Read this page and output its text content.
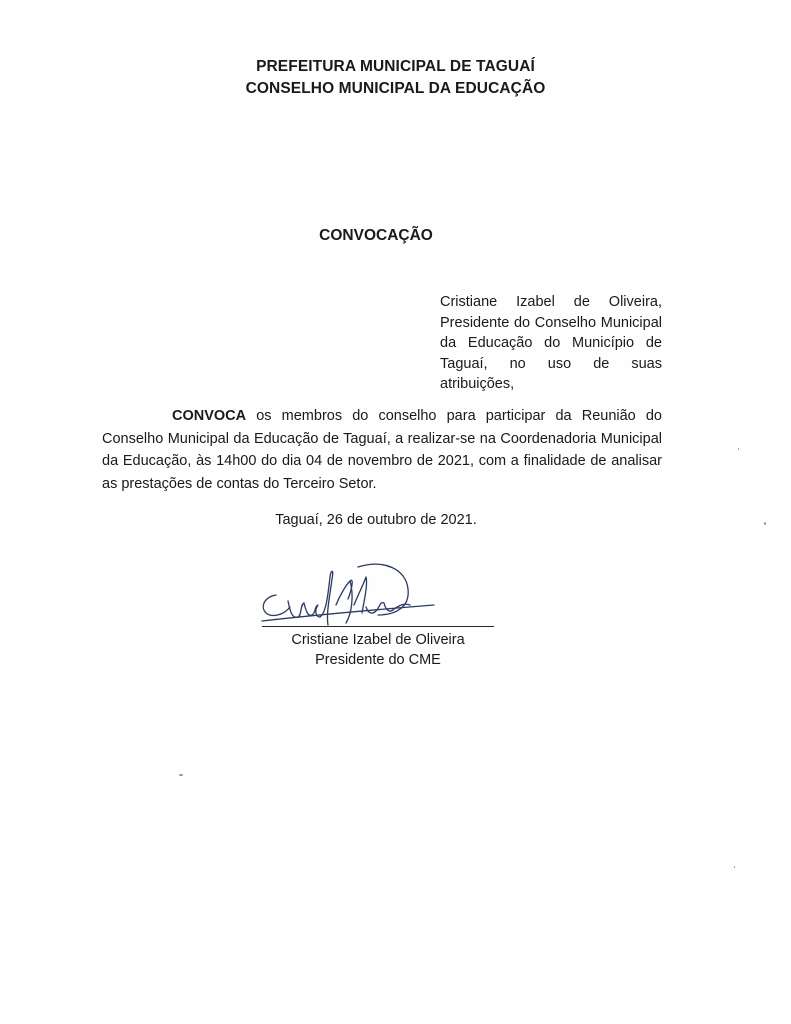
PREFEITURA MUNICIPAL DE TAGUAÍ
CONSELHO MUNICIPAL DA EDUCAÇÃO
CONVOCAÇÃO
Cristiane Izabel de Oliveira, Presidente do Conselho Municipal da Educação do Município de Taguaí, no uso de suas atribuições,
CONVOCA os membros do conselho para participar da Reunião do Conselho Municipal da Educação de Taguaí, a realizar-se na Coordenadoria Municipal da Educação, às 14h00 do dia 04 de novembro de 2021, com a finalidade de analisar as prestações de contas do Terceiro Setor.
Taguaí, 26 de outubro de 2021.
Cristiane Izabel de Oliveira
Presidente do CME
